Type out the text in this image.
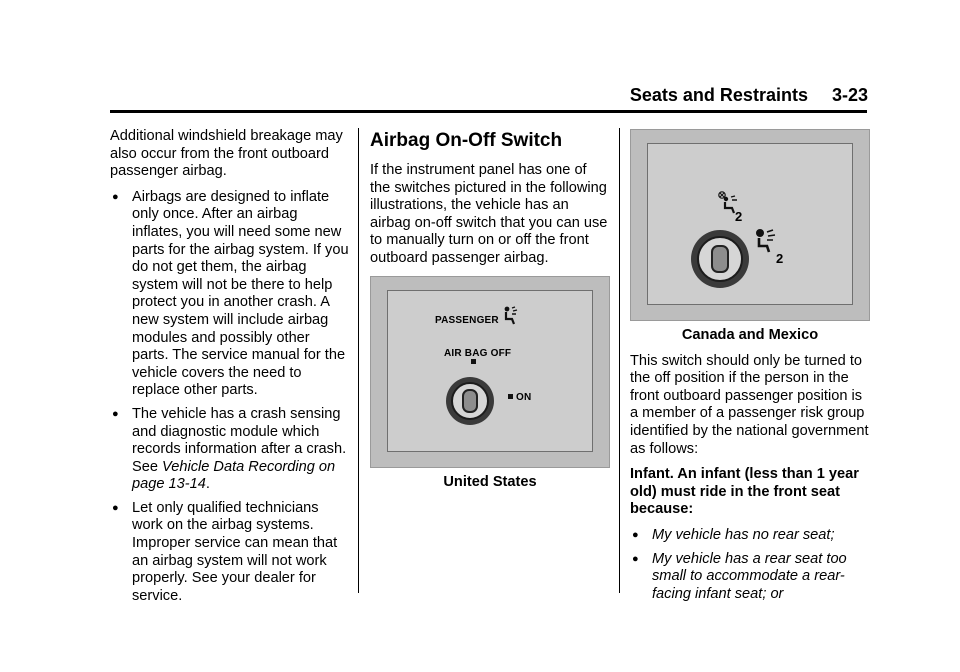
Seats and Restraints 3-23

Additional windshield breakage may also occur from the front outboard passenger airbag.

● Airbags are designed to inflate only once. After an airbag inflates, you will need some new parts for the airbag system. If you do not get them, the airbag system will not be there to help protect you in another crash. A new system will include airbag modules and possibly other parts. The service manual for the vehicle covers the need to replace other parts.
● The vehicle has a crash sensing and diagnostic module which records information after a crash. See Vehicle Data Recording on page 13-14.
● Let only qualified technicians work on the airbag systems. Improper service can mean that an airbag system will not work properly. See your dealer for service.
Airbag On-Off Switch

If the instrument panel has one of the switches pictured in the following illustrations, the vehicle has an airbag on-off switch that you can use to manually turn on or off the front outboard passenger airbag.

PASSENGER
AIR BAG OFF
ON
United States
2
2
Canada and Mexico

This switch should only be turned to the off position if the person in the front outboard passenger position is a member of a passenger risk group identified by the national government as follows:

Infant. An infant (less than 1 year old) must ride in the front seat because:

● My vehicle has no rear seat;
● My vehicle has a rear seat too small to accommodate a rear-facing infant seat; or
